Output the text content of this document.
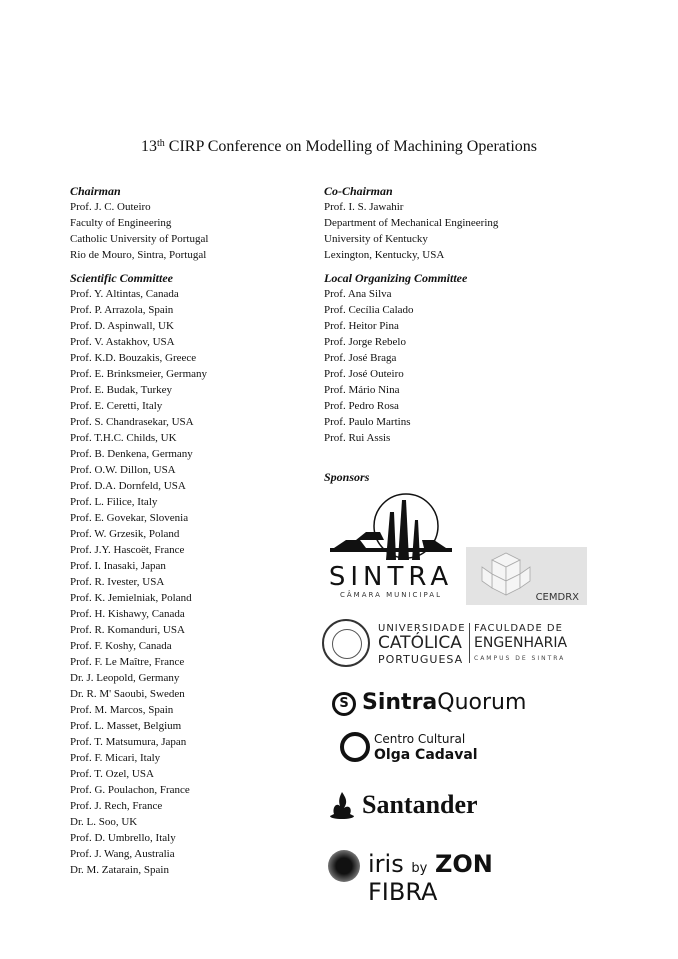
13th CIRP Conference on Modelling of Machining Operations
Chairman
Prof. J. C. Outeiro
Faculty of Engineering
Catholic University of Portugal
Rio de Mouro, Sintra, Portugal
Scientific Committee
Prof. Y. Altintas, Canada
Prof. P. Arrazola, Spain
Prof. D. Aspinwall, UK
Prof. V. Astakhov, USA
Prof. K.D. Bouzakis, Greece
Prof. E. Brinksmeier, Germany
Prof. E. Budak, Turkey
Prof. E. Ceretti, Italy
Prof. S. Chandrasekar, USA
Prof. T.H.C. Childs, UK
Prof. B. Denkena, Germany
Prof. O.W. Dillon, USA
Prof. D.A. Dornfeld, USA
Prof. L. Filice, Italy
Prof. E. Govekar, Slovenia
Prof. W. Grzesik, Poland
Prof. J.Y. Hascoët, France
Prof. I. Inasaki, Japan
Prof. R. Ivester, USA
Prof. K. Jemielniak, Poland
Prof. H. Kishawy, Canada
Prof. R. Komanduri, USA
Prof. F. Koshy, Canada
Prof. F. Le Maître, France
Dr. J. Leopold, Germany
Dr. R. M' Saoubi, Sweden
Prof. M. Marcos, Spain
Prof. L. Masset, Belgium
Prof. T. Matsumura, Japan
Prof. F. Micari, Italy
Prof. T. Ozel, USA
Prof. G. Poulachon, France
Prof. J. Rech, France
Dr. L. Soo, UK
Prof. D. Umbrello, Italy
Prof. J. Wang, Australia
Dr. M. Zatarain, Spain
Co-Chairman
Prof. I. S. Jawahir
Department of Mechanical Engineering
University of Kentucky
Lexington, Kentucky, USA
Local Organizing Committee
Prof. Ana Silva
Prof. Cecília Calado
Prof. Heitor Pina
Prof. Jorge Rebelo
Prof. José Braga
Prof. José Outeiro
Prof. Mário Nina
Prof. Pedro Rosa
Prof. Paulo Martins
Prof. Rui Assis
Sponsors
SINTRA
CÂMARA MUNICIPAL	CEMDRX
UNIVERSIDADE
CATÓLICA
PORTUGUESA
FACULDADE DE
ENGENHARIA
CAMPUS DE SINTRA
S SintraQuorum
Centro Cultural
Olga Cadaval
Santander
iris by ZON FIBRA
